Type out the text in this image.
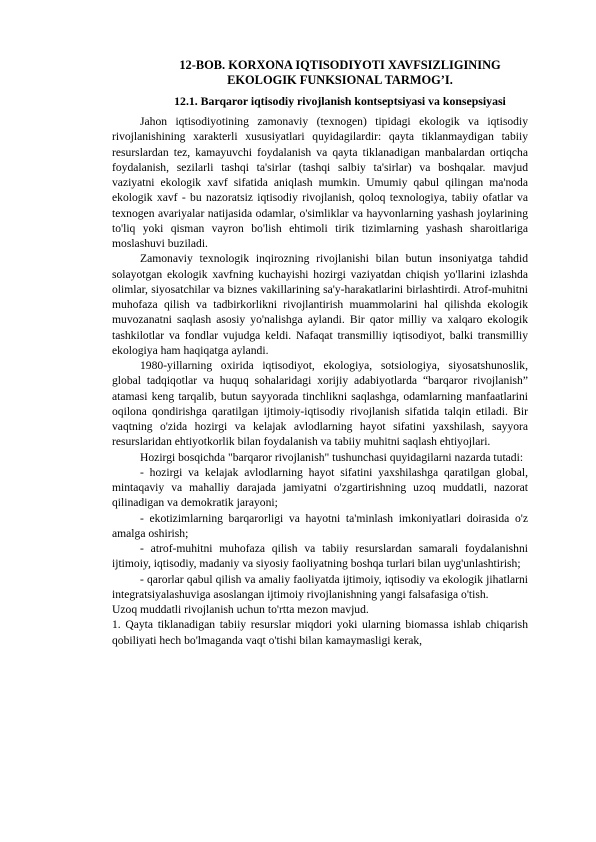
12-BOB. KORXONA IQTISODIYOTI XAVFSIZLIGINING
EKOLOGIK FUNKSIONAL TARMOG’I.

12.1. Barqaror iqtisodiy rivojlanish kontseptsiyasi va konsepsiyasi

Jahon iqtisodiyotining zamonaviy (texnogen) tipidagi ekologik va iqtisodiy rivojlanishining xarakterli xususiyatlari quyidagilardir: qayta tiklanmaydigan tabiiy resurslardan tez, kamayuvchi foydalanish va qayta tiklanadigan manbalardan ortiqcha foydalanish, sezilarli tashqi ta'sirlar (tashqi salbiy ta'sirlar) va boshqalar. mavjud vaziyatni ekologik xavf sifatida aniqlash mumkin. Umumiy qabul qilingan ma'noda ekologik xavf - bu nazoratsiz iqtisodiy rivojlanish, qoloq texnologiya, tabiiy ofatlar va texnogen avariyalar natijasida odamlar, o'simliklar va hayvonlarning yashash joylarining to'liq yoki qisman vayron bo'lish ehtimoli tirik tizimlarning yashash sharoitlariga moslashuvi buziladi.

Zamonaviy texnologik inqirozning rivojlanishi bilan butun insoniyatga tahdid solayotgan ekologik xavfning kuchayishi hozirgi vaziyatdan chiqish yo'llarini izlashda olimlar, siyosatchilar va biznes vakillarining sa'y-harakatlarini birlashtirdi. Atrof-muhitni muhofaza qilish va tadbirkorlikni rivojlantirish muammolarini hal qilishda ekologik muvozanatni saqlash asosiy yo'nalishga aylandi. Bir qator milliy va xalqaro ekologik tashkilotlar va fondlar vujudga keldi. Nafaqat transmilliy iqtisodiyot, balki transmilliy ekologiya ham haqiqatga aylandi.

1980-yillarning oxirida iqtisodiyot, ekologiya, sotsiologiya, siyosatshunoslik, global tadqiqotlar va huquq sohalaridagi xorijiy adabiyotlarda “barqaror rivojlanish” atamasi keng tarqalib, butun sayyorada tinchlikni saqlashga, odamlarning manfaatlarini oqilona qondirishga qaratilgan ijtimoiy-iqtisodiy rivojlanish sifatida talqin etiladi. Bir vaqtning o'zida hozirgi va kelajak avlodlarning hayot sifatini yaxshilash, sayyora resurslaridan ehtiyotkorlik bilan foydalanish va tabiiy muhitni saqlash ehtiyojlari.

Hozirgi bosqichda "barqaror rivojlanish" tushunchasi quyidagilarni nazarda tutadi:

- hozirgi va kelajak avlodlarning hayot sifatini yaxshilashga qaratilgan global, mintaqaviy va mahalliy darajada jamiyatni o'zgartirishning uzoq muddatli, nazorat qilinadigan va demokratik jarayoni;

- ekotizimlarning barqarorligi va hayotni ta'minlash imkoniyatlari doirasida o'z amalga oshirish;

- atrof-muhitni muhofaza qilish va tabiiy resurslardan samarali foydalanishni ijtimoiy, iqtisodiy, madaniy va siyosiy faoliyatning boshqa turlari bilan uyg'unlashtirish;

- qarorlar qabul qilish va amaliy faoliyatda ijtimoiy, iqtisodiy va ekologik jihatlarni integratsiyalashuviga asoslangan ijtimoiy rivojlanishning yangi falsafasiga o'tish.

Uzoq muddatli rivojlanish uchun to'rtta mezon mavjud.

1. Qayta tiklanadigan tabiiy resurslar miqdori yoki ularning biomassa ishlab chiqarish qobiliyati hech bo'lmaganda vaqt o'tishi bilan kamaymasligi kerak,
